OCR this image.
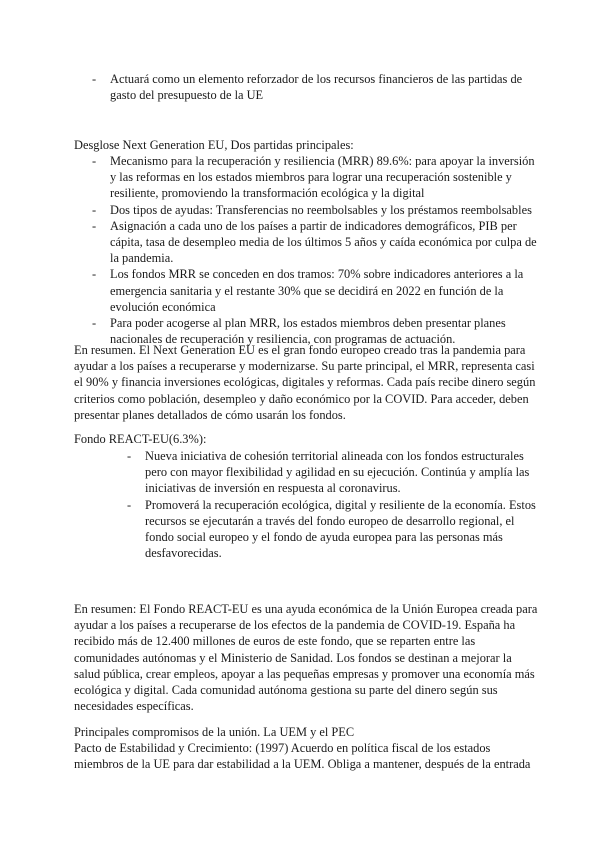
- Actuará como un elemento reforzador de los recursos financieros de las partidas de
gasto del presupuesto de la UE

Desglose Next Generation EU, Dos partidas principales:

- Mecanismo para la recuperación y resiliencia (MRR) 89.6%: para apoyar la inversión
y las reformas en los estados miembros para lograr una recuperación sostenible y
resiliente, promoviendo la transformación ecológica y la digital
- Dos tipos de ayudas: Transferencias no reembolsables y los préstamos reembolsables
- Asignación a cada uno de los países a partir de indicadores demográficos, PIB per
cápita, tasa de desempleo media de los últimos 5 años y caída económica por culpa de
la pandemia.
- Los fondos MRR se conceden en dos tramos: 70% sobre indicadores anteriores a la
emergencia sanitaria y el restante 30% que se decidirá en 2022 en función de la
evolución económica
- Para poder acogerse al plan MRR, los estados miembros deben presentar planes
nacionales de recuperación y resiliencia, con programas de actuación.

En resumen. El Next Generation EU es el gran fondo europeo creado tras la pandemia para

ayudar a los países a recuperarse y modernizarse. Su parte principal, el MRR, representa casi

el 90% y financia inversiones ecológicas, digitales y reformas. Cada país recibe dinero según

criterios como población, desempleo y daño económico por la COVID. Para acceder, deben

presentar planes detallados de cómo usarán los fondos.

Fondo REACT-EU(6.3%):

- Nueva iniciativa de cohesión territorial alineada con los fondos estructurales
pero con mayor flexibilidad y agilidad en su ejecución. Continúa y amplía las
iniciativas de inversión en respuesta al coronavirus.
- Promoverá la recuperación ecológica, digital y resiliente de la economía. Estos
recursos se ejecutarán a través del fondo europeo de desarrollo regional, el
fondo social europeo y el fondo de ayuda europea para las personas más
desfavorecidas.

En resumen: El Fondo REACT-EU es una ayuda económica de la Unión Europea creada para

ayudar a los países a recuperarse de los efectos de la pandemia de COVID-19. España ha

recibido más de 12.400 millones de euros de este fondo, que se reparten entre las

comunidades autónomas y el Ministerio de Sanidad. Los fondos se destinan a mejorar la

salud pública, crear empleos, apoyar a las pequeñas empresas y promover una economía más

ecológica y digital. Cada comunidad autónoma gestiona su parte del dinero según sus

necesidades específicas.

Principales compromisos de la unión. La UEM y el PEC

Pacto de Estabilidad y Crecimiento: (1997) Acuerdo en política fiscal de los estados

miembros de la UE para dar estabilidad a la UEM. Obliga a mantener, después de la entrada
